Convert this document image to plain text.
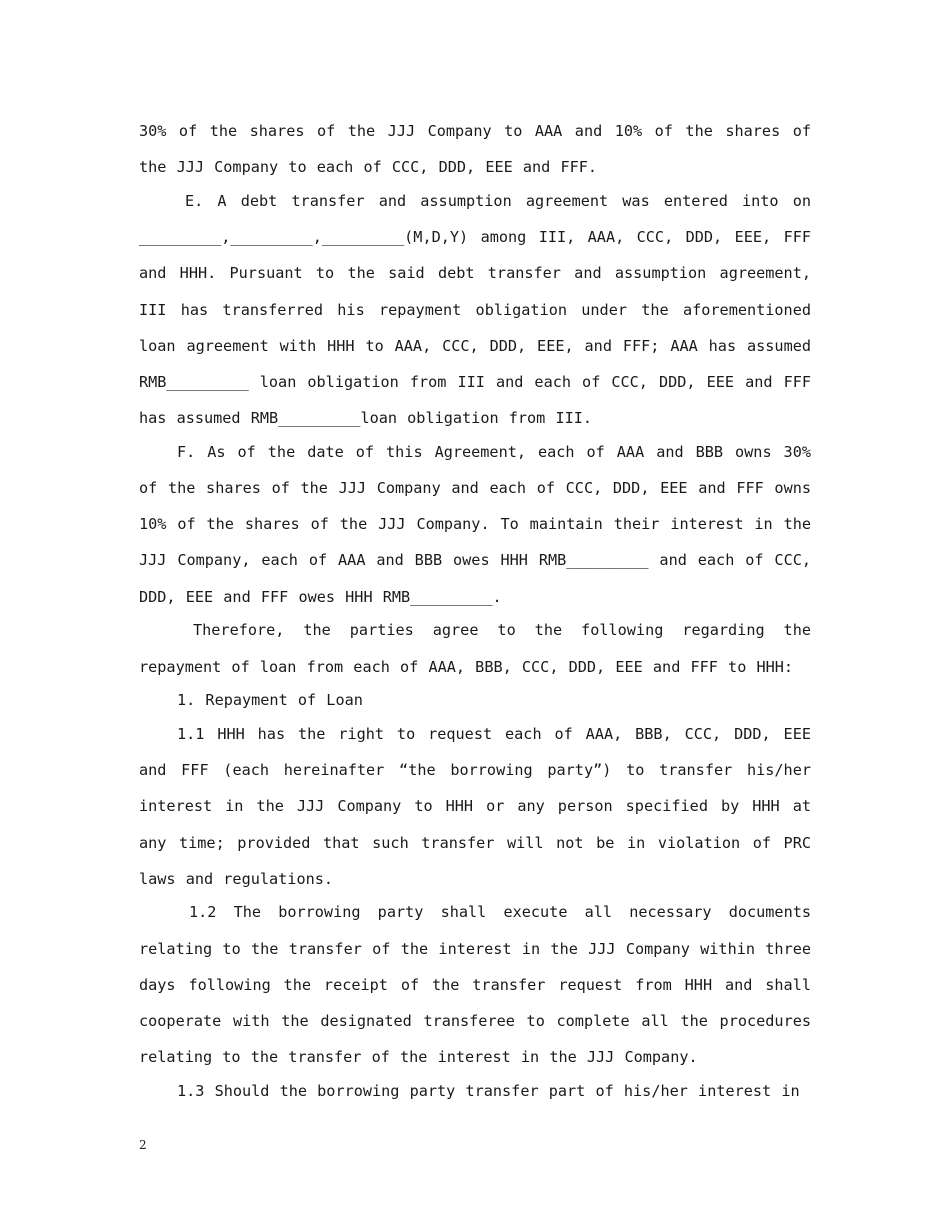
30% of the shares of the JJJ Company to AAA and 10% of the shares of the JJJ Company to each of CCC, DDD, EEE and FFF.

E. A debt transfer and assumption agreement was entered into on _________,_________,_________(M,D,Y) among III, AAA, CCC, DDD, EEE, FFF and HHH. Pursuant to the said debt transfer and assumption agreement, III has transferred his repayment obligation under the aforementioned loan agreement with HHH to AAA, CCC, DDD, EEE, and FFF; AAA has assumed RMB_________ loan obligation from III and each of CCC, DDD, EEE and FFF has assumed RMB_________loan obligation from III.

F. As of the date of this Agreement, each of AAA and BBB owns 30% of the shares of the JJJ Company and each of CCC, DDD, EEE and FFF owns 10% of the shares of the JJJ Company. To maintain their interest in the JJJ Company, each of AAA and BBB owes HHH RMB_________ and each of CCC, DDD, EEE and FFF owes HHH RMB_________.

Therefore, the parties agree to the following regarding the repayment of loan from each of AAA, BBB, CCC, DDD, EEE and FFF to HHH:

1. Repayment of Loan

1.1 HHH has the right to request each of AAA, BBB, CCC, DDD, EEE and FFF (each hereinafter “the borrowing party”) to transfer his/her interest in the JJJ Company to HHH or any person specified by HHH at any time; provided that such transfer will not be in violation of PRC laws and regulations.

1.2 The borrowing party shall execute all necessary documents relating to the transfer of the interest in the JJJ Company within three days following the receipt of the transfer request from HHH and shall cooperate with the designated transferee to complete all the procedures relating to the transfer of the interest in the JJJ Company.

1.3 Should the borrowing party transfer part of his/her interest in

2
